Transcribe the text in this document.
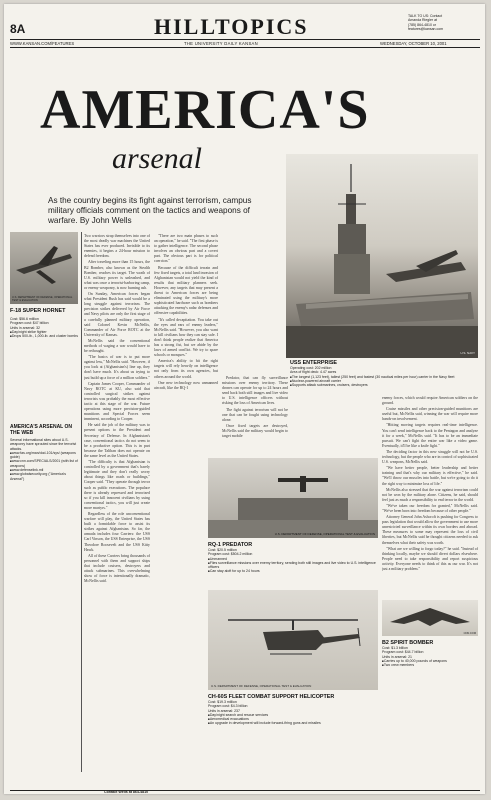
8A	HILLTOPICS	TALK TO US: Contact
Amanda Riegler at
(785) 864-4810 or
features@kansan.com
WWW.KANSAN.COM/FEATURES	THE UNIVERSITY DAILY KANSAN	WEDNESDAY, OCTOBER 10, 2001
AMERICA'S
arsenal
As the country begins its fight against terrorism, campus military officials comment on the tactics and weapons of warfare. By John Wells
U.S. NAVY
U.S. DEPARTMENT OF DEFENSE, OPERATIONAL TEST & EVALUATION
F-18 SUPER HORNET
Cost: $56.6 million
Program cost: $47 billion
Units in arsenal: 32
■ Day/night strike fighter
■ Drops 500-lb., 1,000-lb. and cluster bombs
AMERICA'S ARSENAL ON THE WEB
Several informational sites about U.S. weaponry have sprouted since the terrorist attacks.
■ www.fas.org/man/dod-101/sys/ (weapons guide)
■ www.cnn.com/SPECIALS/2001 (with list of weapons)
■ www.defenselink.mil
■ www.globalsecurity.org ("America's Arsenal")

Two warriors strap themselves into one of the most deadly war machines the United States has ever produced. Invisible to its enemies, it begins a 24-hour mission to defend freedom.

After traveling more than 15 hours, the B2 Bomber, also known as the Stealth Bomber, reaches its target. The wrath of U.S. military power is unleashed, and what was once a terrorist-harboring camp, or enemy weaponry, is now burning ash.

On Sunday, American forces began what President Bush has said would be a long struggle against terrorism. The precision strikes delivered by Air Force and Navy pilots are only the first stage of a carefully planned military operation, said Colonel Kevin McNellis, Commander of Air Force ROTC at the University of Kansas.

McNellis said the conventional methods of waging a war would have to be rethought.

"The basics of war is to put more against less," McNellis said. "However, if you look at (Afghanistan's) line up, they don't have much. It's about us trying to just build up a force of a million soldiers."

Captain James Cooper, Commander of Navy ROTC at KU, also said that controlled surgical strikes against terrorists was probably the most effective tactic at this stage of the war. Future operations using more precision-guided munitions and Special Forces seem imminent, according to Cooper.

He said the job of the military was to present options to the President and Secretary of Defense. In Afghanistan's case, conventional tactics do not seem to be a productive option. This is in part because the Taliban does not operate on the same level as the United States.

"The difficulty is that Afghanistan is controlled by a government that's barely legitimate and they don't really worry about things like roads or buildings," Cooper said. "They operate through terror such as public executions. The populace there is already repressed and terrorized so if you kill innocent civilians by using conventional tactics, you will just create more martyrs."

Regardless of the role unconventional warfare will play, the United States has built a formidable force to assist its strikes against Afghanistan. So far, the armada includes four Carriers: the USS Carl Vinson, the USS Enterprise, the USS Theodore Roosevelt and the USS Kitty Hawk.

All of these Carriers bring thousands of personnel with them and support ships that include cruisers, destroyers and attack submarines. This overwhelming show of force is intentionally dramatic, McNellis said.

"There are two main phases to such an operation," he said. "The first phase is to gather intelligence. The second phase involves an obvious part and a covert part. The obvious part is for political coercion."

Because of the difficult terrain and few fixed targets, a total land invasion of Afghanistan would not yield the kind of results that military planners seek. However, any targets that may present a threat to American forces are being eliminated using the military's more sophisticated hardware such as bombers attacking the enemy's radar defenses and offensive capabilities.

"It's called decapitation. You take out the eyes and ears of enemy leaders," McNellis said. "However, you also want to kill civilians how they can stay safe. I don't think people realize that America has a strong fist, but we abide by the laws of armed conflict. We try to spare schools or mosques."

America's ability to hit the right targets will rely heavily on intelligence not only from its own agencies, but others around the world.

One new technology now unmanned aircraft, like the RQ-1

Predator, that can fly surveillance missions over enemy territory. These drones can operate for up to 24 hours and send back both still images and live video to U.S. intelligence officers without risking the loss of American lives.

The fight against terrorism will not be one that can be fought using technology alone.

Once fixed targets are destroyed, McNellis said the military would begin to target mobile

USS ENTERPRISE
Operating cost: 202 million
Area of flight deck: 4.47 acres
■ The longest (1,123 feet), tallest (250 feet) and fastest (30 nautical miles per hour) carrier in the Navy fleet
■ Nuclear-powered aircraft carrier
■ Supports attack submarines, cruisers, destroyers

enemy forces, which would require American soldiers on the ground.

Cruise missiles and other precision-guided munitions are useful but, McNellis said, winning the war will require more hands-on involvement.

"Hitting moving targets requires real-time intelligence. You can't send intelligence back to the Pentagon and analyze it for a week," McNellis said. "It has to be an immediate pursuit. We can't fight the entire war like a video game. Eventually, it'll be like a knife fight."

The deciding factor in this new struggle will not be U.S. technology, but the people who are in control of sophisticated U.S. weapons, McNellis said.

"We have better people, better leadership and better training and that's why our military is effective," he said. "We'll throw our muscles into battle, but we're going to do it the right way to minimize loss of life."

McNellis also stressed that the war against terrorism could not be won by the military alone. Citizens, he said, should feel just as much a responsibility to end terror in the world.

"We've taken our freedom for granted," McNellis said. "We've been born into freedom because of other people."

Attorney General John Ashcroft is pushing for Congress to pass legislation that would allow the government to use more unrestricted surveillance within its own borders and abroad. These measures to some may represent the loss of civil liberties, but McNellis said he thought citizens needed to ask themselves what their safety was worth.

"What are we willing to forgo today?" he said. "Instead of thinking locally, maybe we should divert dollars elsewhere. People need to take responsibility and report suspicious activity. Everyone needs to think of this as our war. It's not just a military problem."

U.S. DEPARTMENT OF DEFENSE, OPERATIONAL TEST & EVALUATION
RQ-1 PREDATOR
Cost: $20.5 million
Program cost: $504.2 million
■ Unmanned
■ Flies surveillance missions over enemy territory, sending both still images and live video to U.S. intelligence officers
■ Can stay aloft for up to 24 hours
U.S. DEPARTMENT OF DEFENSE, OPERATIONAL TEST & EVALUATION
CH-60S FLEET COMBAT SUPPORT HELICOPTER
Cost: $19.3 million
Program cost: $4.3 billion
Units in arsenal: 237
■ Day/night search and rescue services
■ Aeromedical evacuations
■ An upgrade in development will include forward-firing guns and missiles
CNN.COM
Contact Wells at 864-4810
B2 SPIRIT BOMBER
Cost: $1.3 billion
Program cost: $44.7 billion
Units in arsenal: 21
■ Carries up to 40,000 pounds of weapons
■ Two crew members
